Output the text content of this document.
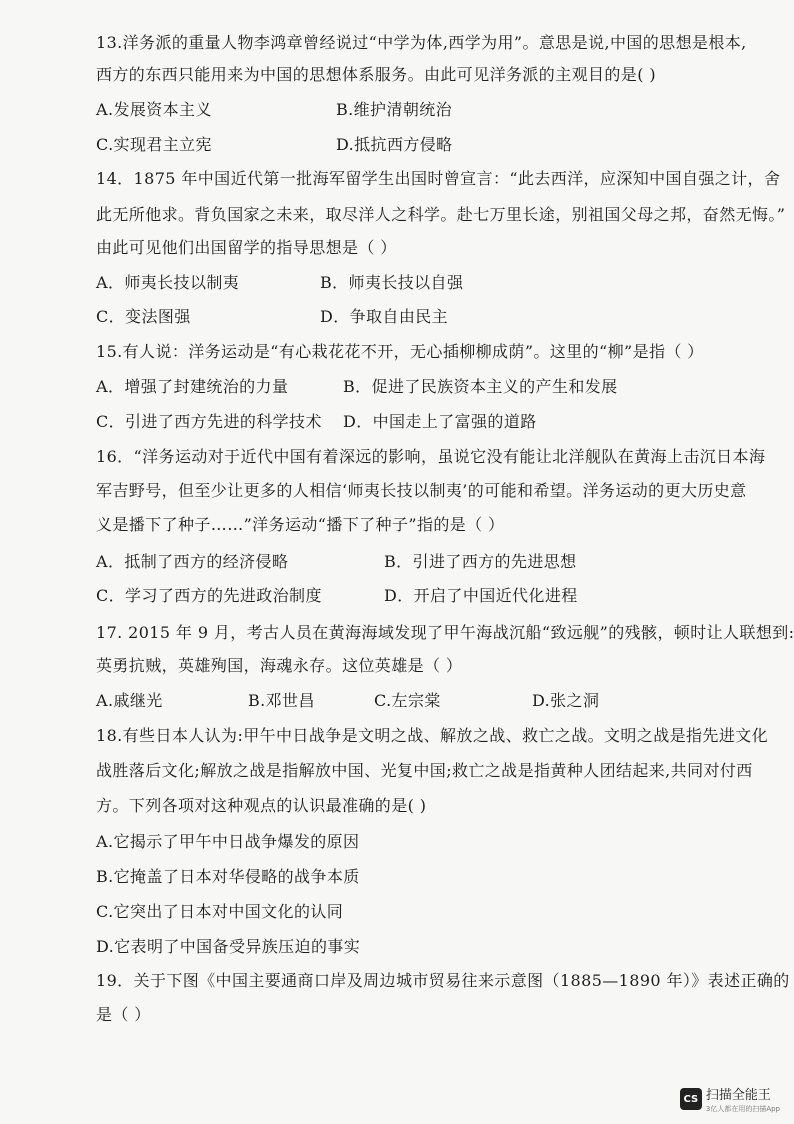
13.洋务派的重量人物李鸿章曾经说过“中学为体,西学为用”。意思是说,中国的思想是根本,
西方的东西只能用来为中国的思想体系服务。由此可见洋务派的主观目的是( )
A.发展资本主义	B.维护清朝统治
C.实现君主立宪	D.抵抗西方侵略
14．1875 年中国近代第一批海军留学生出国时曾宣言：“此去西洋，应深知中国自强之计，舍
此无所他求。背负国家之未来，取尽洋人之科学。赴七万里长途，别祖国父母之邦，奋然无悔。”
由此可见他们出国留学的指导思想是（ ）
A．师夷长技以制夷	B．师夷长技以自强
C．变法图强	D．争取自由民主
15.有人说：洋务运动是“有心栽花花不开，无心插柳柳成荫”。这里的“柳”是指（ ）
A．增强了封建统治的力量	B．促进了民族资本主义的产生和发展
C．引进了西方先进的科学技术 D．中国走上了富强的道路
16．“洋务运动对于近代中国有着深远的影响，虽说它没有能让北洋舰队在黄海上击沉日本海
军吉野号，但至少让更多的人相信‘师夷长技以制夷’的可能和希望。洋务运动的更大历史意
义是播下了种子……”洋务运动“播下了种子”指的是（ ）
A．抵制了西方的经济侵略	B．引进了西方的先进思想
C．学习了西方的先进政治制度	D．开启了中国近代化进程
17. 2015 年 9 月，考古人员在黄海海域发现了甲午海战沉船“致远舰”的残骸，顿时让人联想到:
英勇抗贼，英雄殉国，海魂永存。这位英雄是（ ）
A.戚继光	B.邓世昌	C.左宗棠	D.张之洞
18.有些日本人认为:甲午中日战争是文明之战、解放之战、救亡之战。文明之战是指先进文化
战胜落后文化;解放之战是指解放中国、光复中国;救亡之战是指黄种人团结起来,共同对付西
方。下列各项对这种观点的认识最准确的是( )
A.它揭示了甲午中日战争爆发的原因
B.它掩盖了日本对华侵略的战争本质
C.它突出了日本对中国文化的认同
D.它表明了中国备受异族压迫的事实
19．关于下图《中国主要通商口岸及周边城市贸易往来示意图（1885—1890 年）》表述正确的
是（ ）
CS 扫描全能王
3亿人都在用的扫描App
